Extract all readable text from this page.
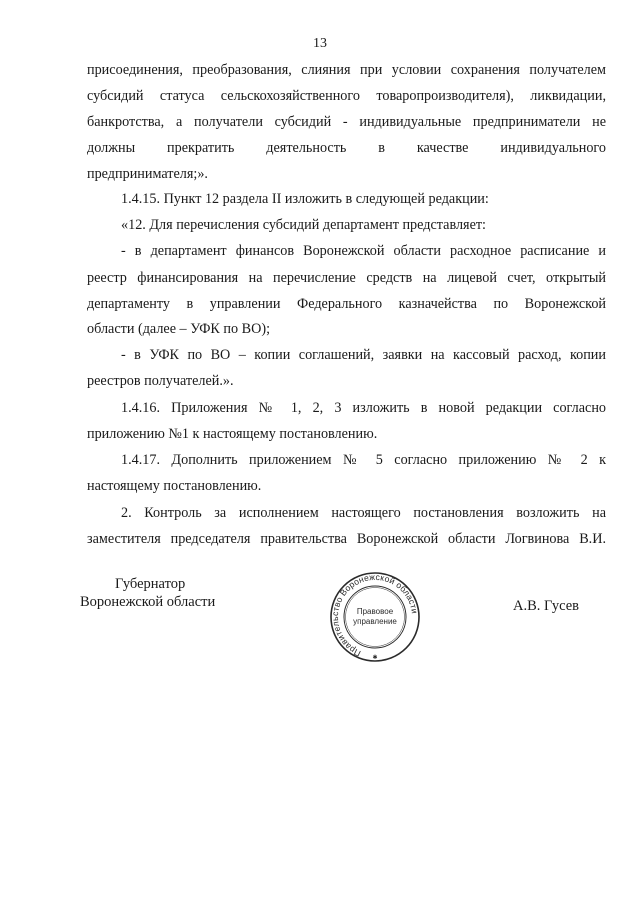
13
присоединения, преобразования, слияния при условии сохранения получателем
субсидий статуса сельскохозяйственного товаропроизводителя), ликвидации,
банкротства, а получатели субсидий - индивидуальные предприниматели не
должны прекратить деятельность в качестве индивидуального
предпринимателя;».
1.4.15. Пункт 12 раздела II изложить в следующей редакции:
«12. Для перечисления субсидий департамент представляет:
- в департамент финансов Воронежской области расходное расписание и
реестр финансирования на перечисление средств на лицевой счет, открытый
департаменту в управлении Федерального казначейства по Воронежской
области (далее – УФК по ВО);
- в УФК по ВО – копии соглашений, заявки на кассовый расход, копии
реестров получателей.».
1.4.16. Приложения № 1, 2, 3 изложить в новой редакции согласно
приложению №1 к настоящему постановлению.
1.4.17. Дополнить приложением № 5 согласно приложению № 2 к
настоящему постановлению.
2. Контроль за исполнением настоящего постановления возложить на
заместителя председателя правительства Воронежской области Логвинова В.И.
Губернатор
Воронежской области	А.В. Гусев
Правительство Воронежской области
Правовое
управление
✱
